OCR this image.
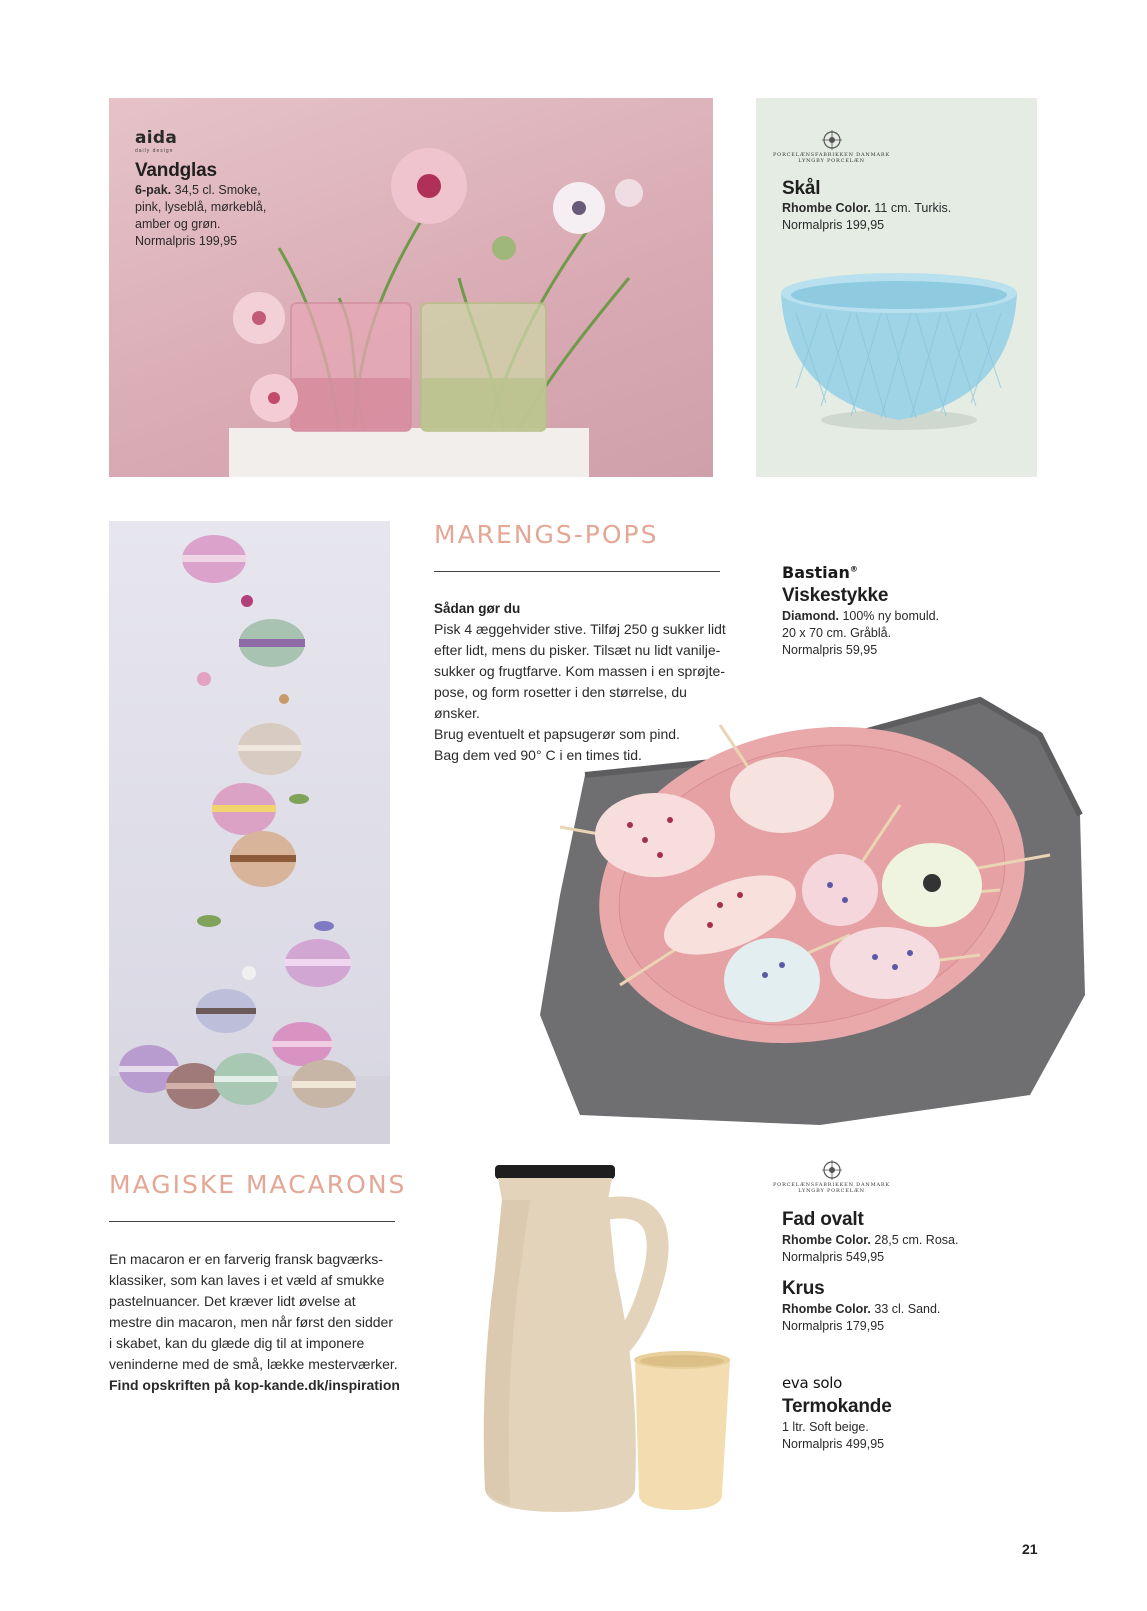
aida
daily design
Vandglas
6-pak. 34,5 cl. Smoke,
pink, lyseblå, mørkeblå,
amber og grøn.
Normalpris 199,95
PORCELÆNSFABRIKKEN DANMARK
LYNGBY PORCELÆN
Skål
Rhombe Color. 11 cm. Turkis.
Normalpris 199,95
MARENGS-POPS
Sådan gør du
Pisk 4 æggehvider stive. Tilføj 250 g sukker lidt
efter lidt, mens du pisker. Tilsæt nu lidt vanilje-
sukker og frugtfarve. Kom massen i en sprøjte-
pose, og form rosetter i den størrelse, du ønsker.
Brug eventuelt et papsugerør som pind.
Bag dem ved 90° C i en times tid.
Bastian®
Viskestykke
Diamond. 100% ny bomuld.
20 x 70 cm. Gråblå.
Normalpris 59,95
MAGISKE MACARONS
En macaron er en farverig fransk bagværks-
klassiker, som kan laves i et væld af smukke
pastelnuancer. Det kræver lidt øvelse at
mestre din macaron, men når først den sidder
i skabet, kan du glæde dig til at imponere
veninderne med de små, lække mesterværker.
Find opskriften på kop-kande.dk/inspiration
PORCELÆNSFABRIKKEN DANMARK
LYNGBY PORCELÆN
Fad ovalt
Rhombe Color. 28,5 cm. Rosa.
Normalpris 549,95
Krus
Rhombe Color. 33 cl. Sand.
Normalpris 179,95
eva solo
Termokande
1 ltr. Soft beige.
Normalpris 499,95
21
